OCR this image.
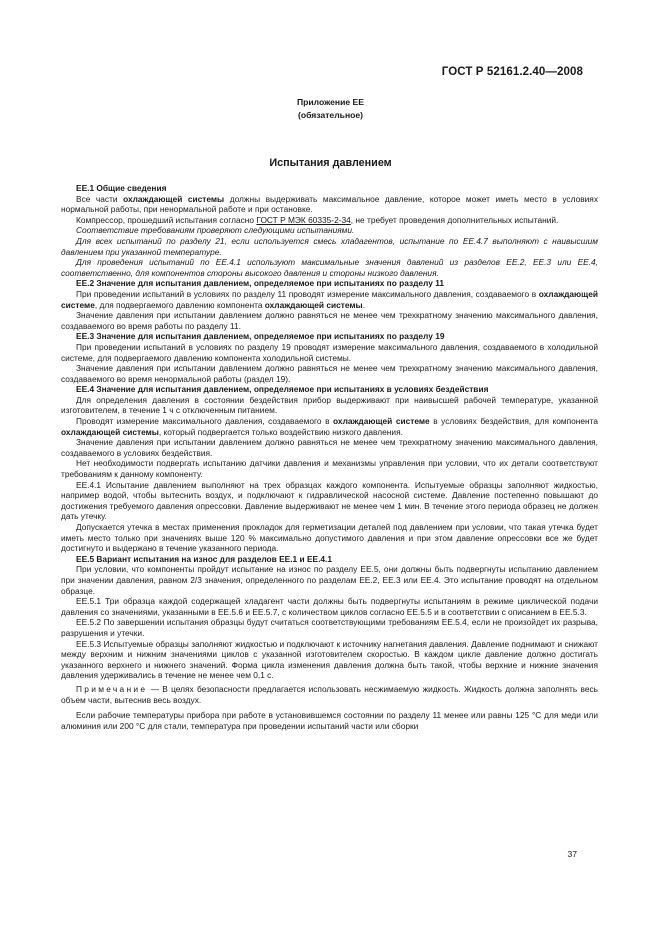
ГОСТ Р 52161.2.40—2008
Приложение ЕЕ
(обязательное)
Испытания давлением

ЕЕ.1 Общие сведения

Все части охлаждающей системы должны выдерживать максимальное давление, которое может иметь место в условиях нормальной работы, при ненормальной работе и при остановке.

Компрессор, прошедший испытания согласно ГОСТ Р МЭК 60335-2-34, не требует проведения дополнительных испытаний.

Соответствие требованиям проверяют следующими испытаниями.

Для всех испытаний по разделу 21, если используется смесь хладагентов, испытание по ЕЕ.4.7 выполняют с наивысшим давлением при указанной температуре.

Для проведения испытаний по ЕЕ.4.1 используют максимальные значения давлений из разделов ЕЕ.2, ЕЕ.3 или ЕЕ.4, соответственно, для компонентов стороны высокого давления и стороны низкого давления.

ЕЕ.2 Значение для испытания давлением, определяемое при испытаниях по разделу 11

При проведении испытаний в условиях по разделу 11 проводят измерение максимального давления, создаваемого в охлаждающей системе, для подвергаемого давлению компонента охлаждающей системы.

Значение давления при испытании давлением должно равняться не менее чем трехкратному значению максимального давления, создаваемого во время работы по разделу 11.

ЕЕ.3 Значение для испытания давлением, определяемое при испытаниях по разделу 19

При проведении испытаний в условиях по разделу 19 проводят измерение максимального давления, создаваемого в холодильной системе, для подвергаемого давлению компонента холодильной системы.

Значение давления при испытании давлением должно равняться не менее чем трехкратному значению максимального давления, создаваемого во время ненормальной работы (раздел 19).

ЕЕ.4 Значение для испытания давлением, определяемое при испытаниях в условиях бездействия

Для определения давления в состоянии бездействия прибор выдерживают при наивысшей рабочей температуре, указанной изготовителем, в течение 1 ч с отключенным питанием.

Проводят измерение максимального давления, создаваемого в охлаждающей системе в условиях бездействия, для компонента охлаждающей системы, который подвергается только воздействию низкого давления.

Значение давления при испытании давлением должно равняться не менее чем трехкратному значению максимального давления, создаваемого в условиях бездействия.

Нет необходимости подвергать испытанию датчики давления и механизмы управления при условии, что их детали соответствуют требованиям к данному компоненту.

ЕЕ.4.1 Испытание давлением выполняют на трех образцах каждого компонента. Испытуемые образцы заполняют жидкостью, например водой, чтобы вытеснить воздух, и подключают к гидравлической насосной системе. Давление постепенно повышают до достижения требуемого давления опрессовки. Давление выдерживают не менее чем 1 мин. В течение этого периода образец не должен дать утечку.

Допускается утечка в местах применения прокладок для герметизации деталей под давлением при условии, что такая утечка будет иметь место только при значениях выше 120 % максимально допустимого давления и при этом давление опрессовки все же будет достигнуто и выдержано в течение указанного периода.

ЕЕ.5 Вариант испытания на износ для разделов ЕЕ.1 и ЕЕ.4.1

При условии, что компоненты пройдут испытание на износ по разделу ЕЕ.5, они должны быть подвергнуты испытанию давлением при значении давления, равном 2/3 значения, определенного по разделам ЕЕ.2, ЕЕ.3 или ЕЕ.4. Это испытание проводят на отдельном образце.

ЕЕ.5.1 Три образца каждой содержащей хладагент части должны быть подвергнуты испытаниям в режиме циклической подачи давления со значениями, указанными в ЕЕ.5.6 и ЕЕ.5.7, с количеством циклов согласно ЕЕ.5.5 и в соответствии с описанием в ЕЕ.5.3.

ЕЕ.5.2 По завершении испытания образцы будут считаться соответствующими требованиям ЕЕ.5.4, если не произойдет их разрыва, разрушения и утечки.

ЕЕ.5.3 Испытуемые образцы заполняют жидкостью и подключают к источнику нагнетания давления. Давление поднимают и снижают между верхним и нижним значениями циклов с указанной изготовителем скоростью. В каждом цикле давление должно достигать указанного верхнего и нижнего значений. Форма цикла изменения давления должна быть такой, чтобы верхние и нижние значения давления удерживались в течение не менее чем 0,1 с.

Примечание — В целях безопасности предлагается использовать несжимаемую жидкость. Жидкость должна заполнять весь объем части, вытеснив весь воздух.

Если рабочие температуры прибора при работе в установившемся состоянии по разделу 11 менее или равны 125 °С для меди или алюминия или 200 °С для стали, температура при проведении испытаний части или сборки

37
